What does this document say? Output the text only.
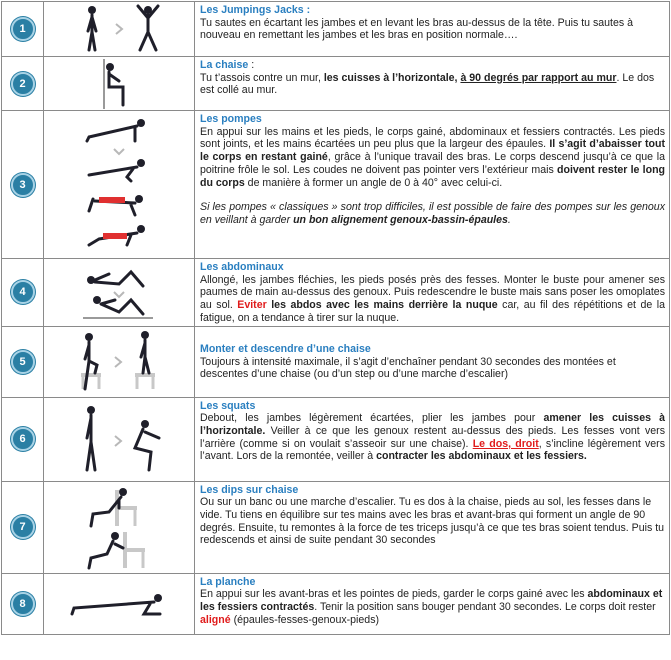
1		Les Jumpings Jacks :
Tu sautes en écartant les jambes et en levant les bras au-dessus de la tête. Puis tu sautes à nouveau en remettant les jambes et les bras en position normale….

2		La chaise :
Tu t’assois contre un mur, les cuisses à l’horizontale, à 90 degrés par rapport au mur. Le dos est collé au mur.

3		Les pompes
En appui sur les mains et les pieds, le corps gainé, abdominaux et fessiers contractés. Les pieds sont joints, et les mains écartées un peu plus que la largeur des épaules. Il s’agit d’abaisser tout le corps en restant gainé, grâce à l’unique travail des bras. Le corps descend jusqu’à ce que la poitrine frôle le sol. Les coudes ne doivent pas pointer vers l’extérieur mais doivent rester le long du corps de manière à former un angle de 0 à 40° avec celui-ci.
Si les pompes « classiques » sont trop difficiles, il est possible de faire des pompes sur les genoux en veillant à garder un bon alignement genoux-bassin-épaules.

4		Les abdominaux
Allongé, les jambes fléchies, les pieds posés près des fesses. Monter le buste pour amener ses paumes de main au-dessus des genoux. Puis redescendre le buste mais sans poser les omoplates au sol. Eviter les abdos avec les mains derrière la nuque car, au fil des répétitions et de la fatigue, on a tendance à tirer sur la nuque.

5		Monter et descendre d’une chaise
Toujours à intensité maximale, il s’agit d’enchaîner pendant 30 secondes des montées et descentes d’une chaise (ou d’un step ou d’une marche d’escalier)

6		Les squats
Debout, les jambes légèrement écartées, plier les jambes pour amener les cuisses à l’horizontale. Veiller à ce que les genoux restent au-dessus des pieds. Les fesses vont vers l’arrière (comme si on voulait s’asseoir sur une chaise). Le dos, droit, s’incline légèrement vers l’avant. Lors de la remontée, veiller à contracter les abdominaux et les fessiers.

7		Les dips sur chaise
Ou sur un banc ou une marche d’escalier. Tu es dos à la chaise, pieds au sol, les fesses dans le vide. Tu tiens en équilibre sur tes mains avec les bras et avant-bras qui forment un angle de 90 degrés. Ensuite, tu remontes à la force de tes triceps jusqu’à ce que tes bras soient tendus. Puis tu redescends et ainsi de suite pendant 30 secondes

8		La planche
En appui sur les avant-bras et les pointes de pieds, garder le corps gainé avec les abdominaux et les fessiers contractés. Tenir la position sans bouger pendant 30 secondes. Le corps doit rester aligné (épaules-fesses-genoux-pieds)
